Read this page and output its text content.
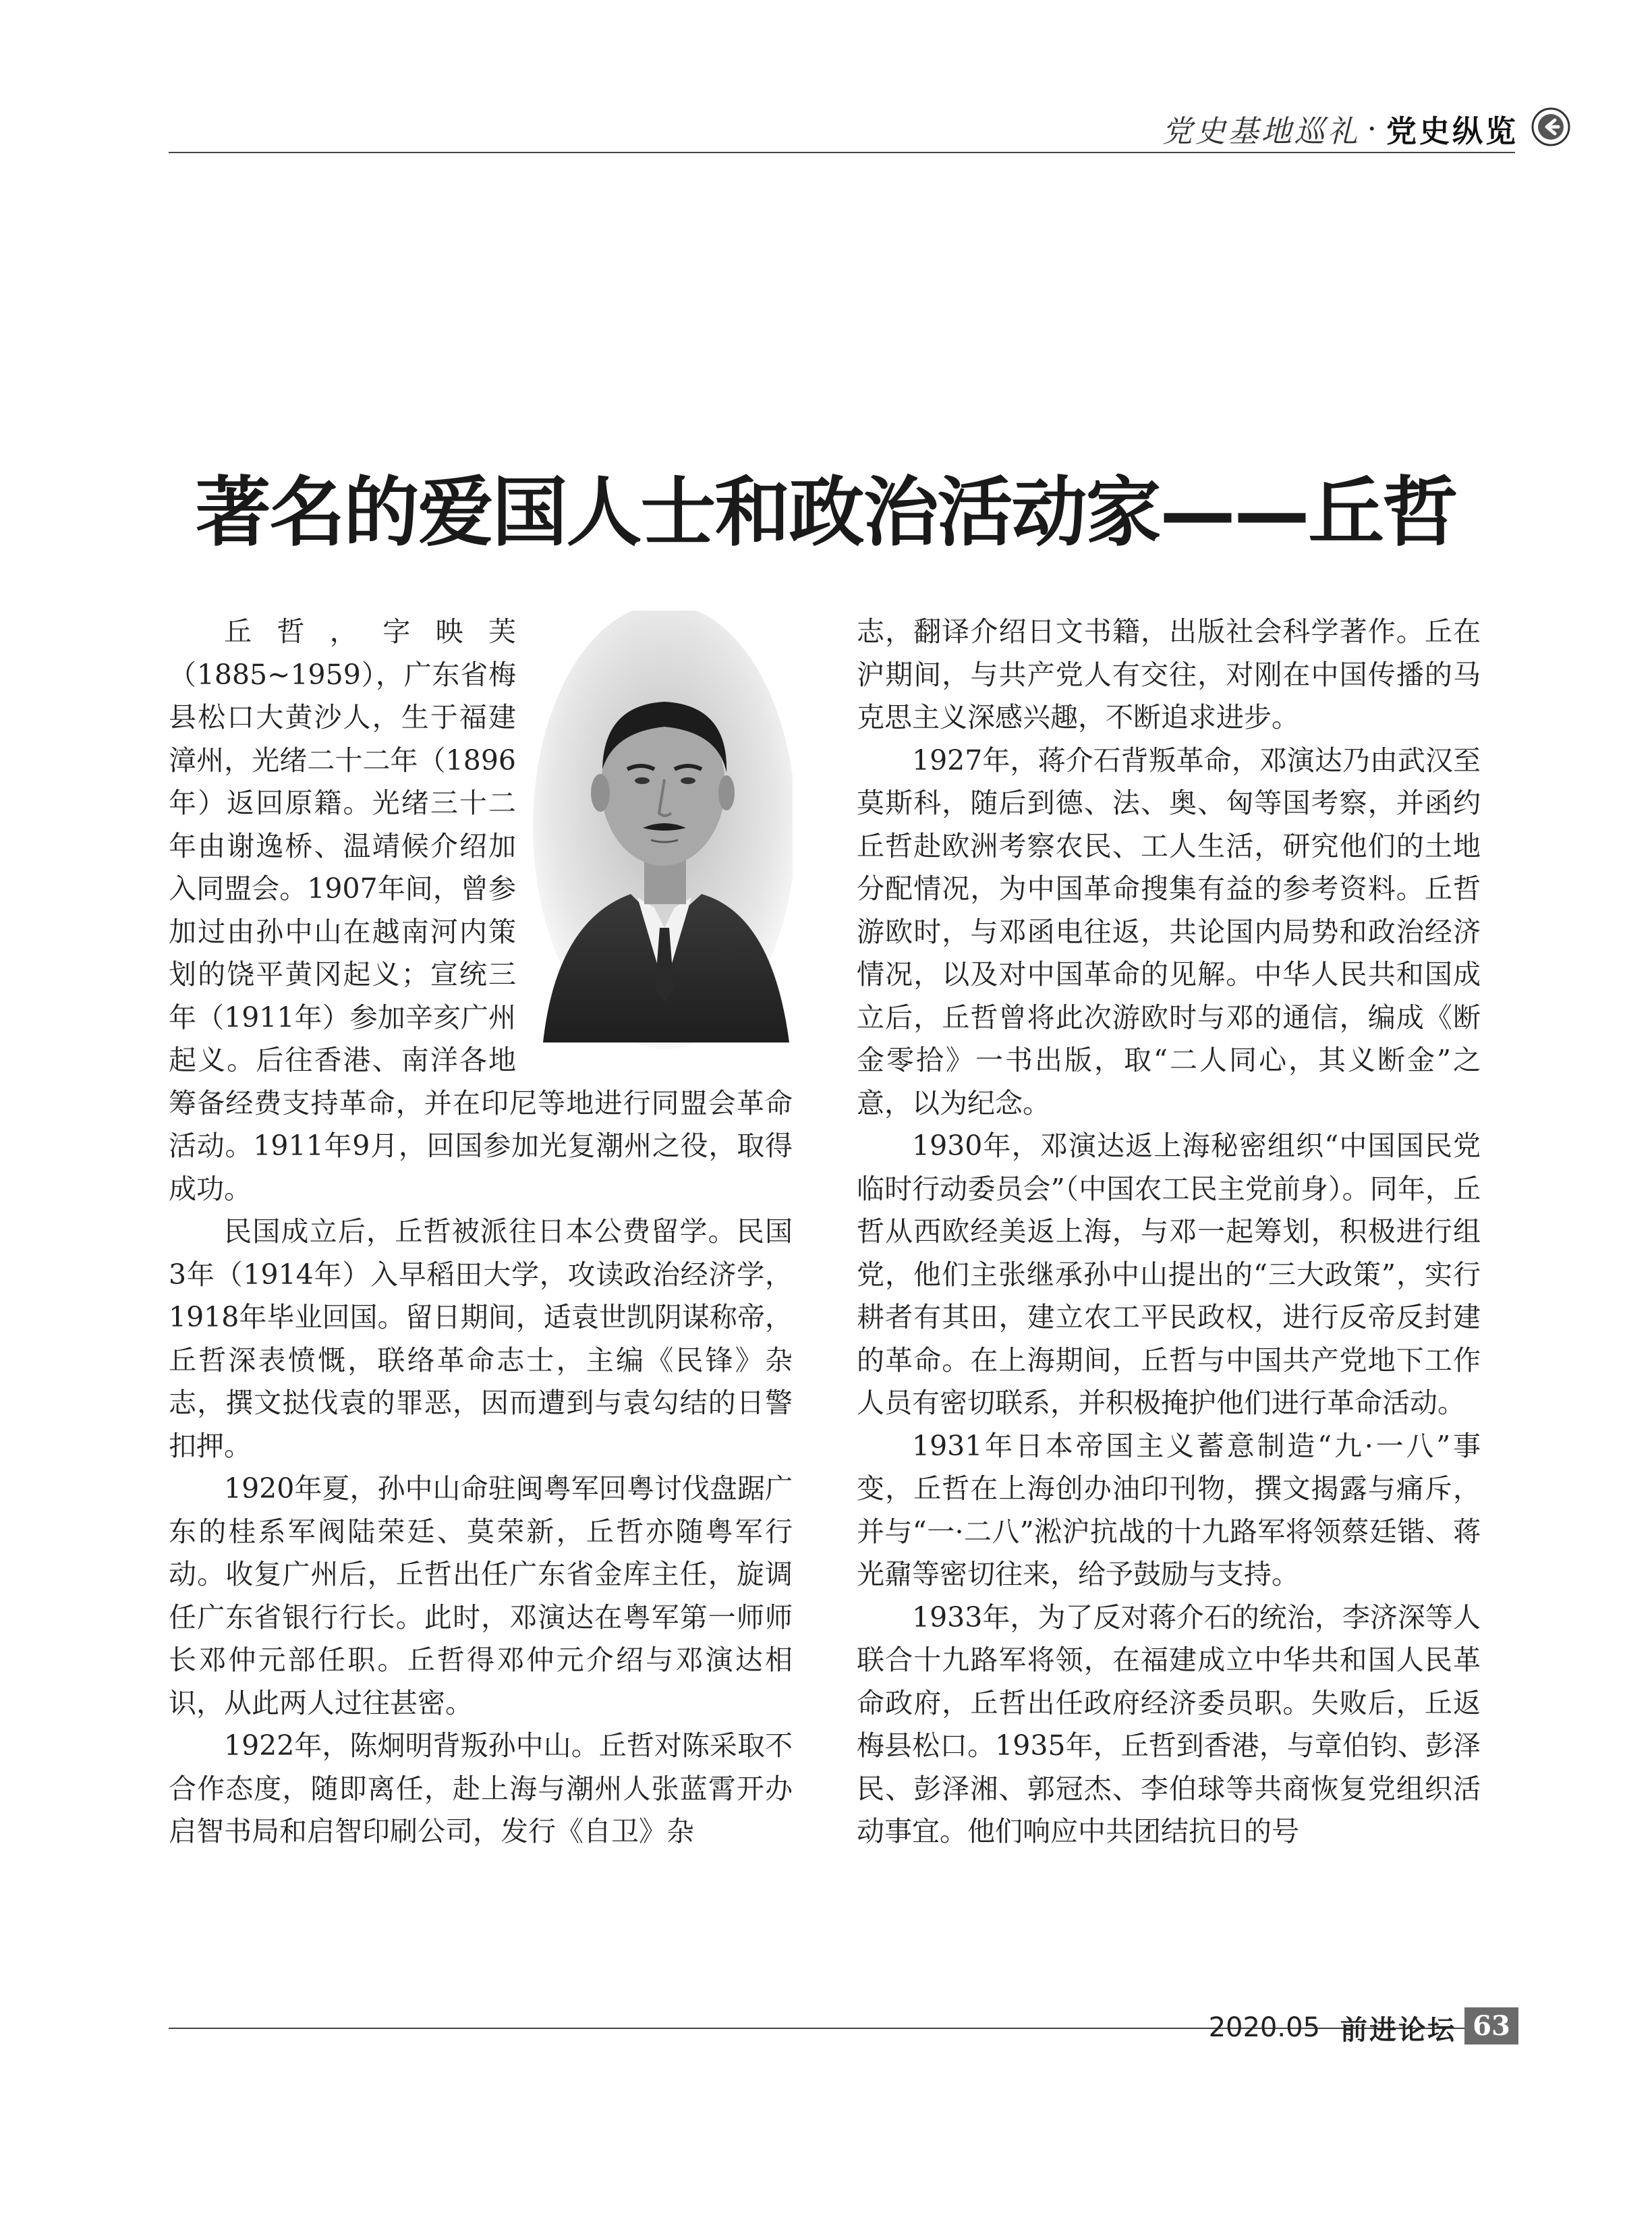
党史基地巡礼 · 党史纵览
著名的爱国人士和政治活动家——丘哲

丘哲，字映芙（1885~1959），广东省梅县松口大黄沙人，生于福建漳州，光绪二十二年（1896年）返回原籍。光绪三十二年由谢逸桥、温靖候介绍加入同盟会。1907年间，曾参加过由孙中山在越南河内策划的饶平黄冈起义；宣统三年（1911年）参加辛亥广州起义。后往香港、南洋各地筹备经费支持革命，并在印尼等地进行同盟会革命活动。1911年9月，回国参加光复潮州之役，取得成功。

民国成立后，丘哲被派往日本公费留学。民国3年（1914年）入早稻田大学，攻读政治经济学，1918年毕业回国。留日期间，适袁世凯阴谋称帝，丘哲深表愤慨，联络革命志士，主编《民锋》杂志，撰文挞伐袁的罪恶，因而遭到与袁勾结的日警扣押。

1920年夏，孙中山命驻闽粤军回粤讨伐盘踞广东的桂系军阀陆荣廷、莫荣新，丘哲亦随粤军行动。收复广州后，丘哲出任广东省金库主任，旋调任广东省银行行长。此时，邓演达在粤军第一师师长邓仲元部任职。丘哲得邓仲元介绍与邓演达相识，从此两人过往甚密。

1922年，陈炯明背叛孙中山。丘哲对陈采取不合作态度，随即离任，赴上海与潮州人张蓝霄开办启智书局和启智印刷公司，发行《自卫》杂

志，翻译介绍日文书籍，出版社会科学著作。丘在沪期间，与共产党人有交往，对刚在中国传播的马克思主义深感兴趣，不断追求进步。

1927年，蒋介石背叛革命，邓演达乃由武汉至莫斯科，随后到德、法、奥、匈等国考察，并函约丘哲赴欧洲考察农民、工人生活，研究他们的土地分配情况，为中国革命搜集有益的参考资料。丘哲游欧时，与邓函电往返，共论国内局势和政治经济情况，以及对中国革命的见解。中华人民共和国成立后，丘哲曾将此次游欧时与邓的通信，编成《断金零拾》一书出版，取“二人同心，其义断金”之意，以为纪念。

1930年，邓演达返上海秘密组织“中国国民党临时行动委员会”（中国农工民主党前身）。同年，丘哲从西欧经美返上海，与邓一起筹划，积极进行组党，他们主张继承孙中山提出的“三大政策”，实行耕者有其田，建立农工平民政权，进行反帝反封建的革命。在上海期间，丘哲与中国共产党地下工作人员有密切联系，并积极掩护他们进行革命活动。

1931年日本帝国主义蓄意制造“九·一八”事变，丘哲在上海创办油印刊物，撰文揭露与痛斥，并与“一·二八”淞沪抗战的十九路军将领蔡廷锴、蒋光鼐等密切往来，给予鼓励与支持。

1933年，为了反对蒋介石的统治，李济深等人联合十九路军将领，在福建成立中华共和国人民革命政府，丘哲出任政府经济委员职。失败后，丘返梅县松口。1935年，丘哲到香港，与章伯钧、彭泽民、彭泽湘、郭冠杰、李伯球等共商恢复党组织活动事宜。他们响应中共团结抗日的号

2020.05 前进论坛 63
